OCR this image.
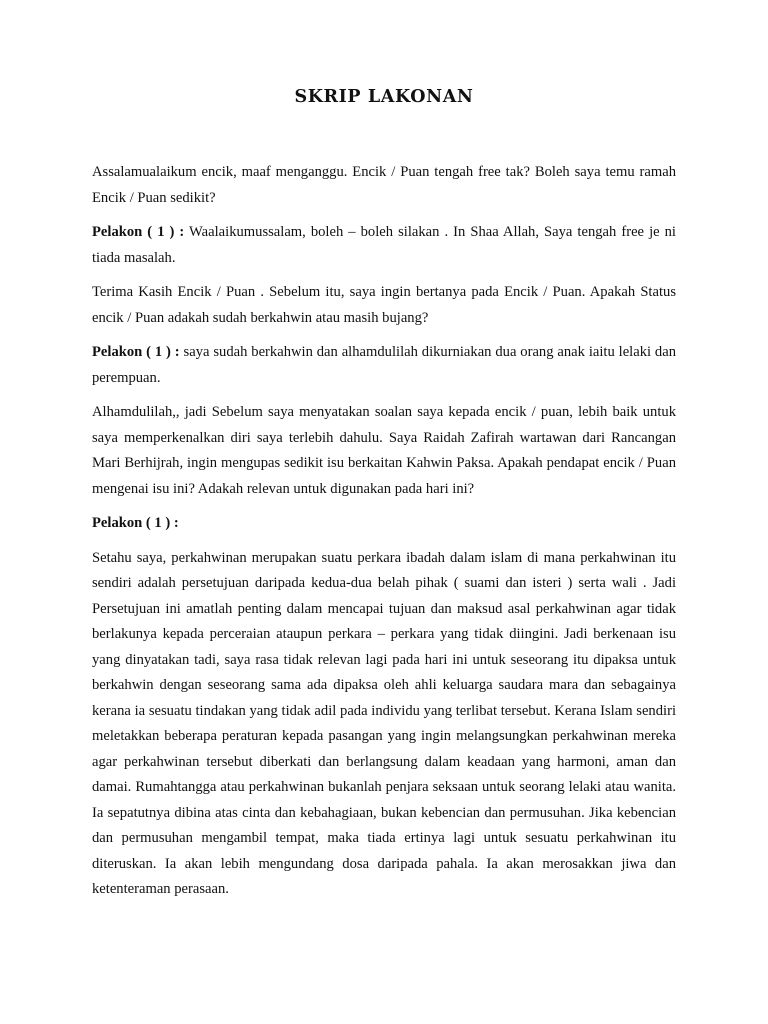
SKRIP LAKONAN

Assalamualaikum encik, maaf menganggu. Encik / Puan tengah free tak? Boleh saya temu ramah Encik / Puan sedikit?

Pelakon ( 1 ) : Waalaikumussalam, boleh – boleh silakan . In Shaa Allah, Saya tengah free je ni tiada masalah.

Terima Kasih Encik / Puan . Sebelum itu, saya ingin bertanya pada Encik / Puan. Apakah Status encik / Puan adakah sudah berkahwin atau masih bujang?

Pelakon ( 1 ) : saya sudah berkahwin dan alhamdulilah dikurniakan dua orang anak iaitu lelaki dan perempuan.

Alhamdulilah,, jadi Sebelum saya menyatakan soalan saya kepada encik / puan, lebih baik untuk saya memperkenalkan diri saya terlebih dahulu. Saya Raidah Zafirah wartawan dari Rancangan Mari Berhijrah, ingin mengupas sedikit isu berkaitan Kahwin Paksa. Apakah pendapat encik / Puan mengenai isu ini? Adakah relevan untuk digunakan pada hari ini?

Pelakon ( 1 ) :

Setahu saya, perkahwinan merupakan suatu perkara ibadah dalam islam di mana perkahwinan itu sendiri adalah persetujuan daripada kedua-dua belah pihak ( suami dan isteri ) serta wali . Jadi Persetujuan ini amatlah penting dalam mencapai tujuan dan maksud asal perkahwinan agar tidak berlakunya kepada perceraian ataupun perkara – perkara yang tidak diingini. Jadi berkenaan isu yang dinyatakan tadi, saya rasa tidak relevan lagi pada hari ini untuk seseorang itu dipaksa untuk berkahwin dengan seseorang sama ada dipaksa oleh ahli keluarga saudara mara dan sebagainya kerana ia sesuatu tindakan yang tidak adil pada individu yang terlibat tersebut. Kerana Islam sendiri meletakkan beberapa peraturan kepada pasangan yang ingin melangsungkan perkahwinan mereka agar perkahwinan tersebut diberkati dan berlangsung dalam keadaan yang harmoni, aman dan damai. Rumahtangga atau perkahwinan bukanlah penjara seksaan untuk seorang lelaki atau wanita. Ia sepatutnya dibina atas cinta dan kebahagiaan, bukan kebencian dan permusuhan. Jika kebencian dan permusuhan mengambil tempat, maka tiada ertinya lagi untuk sesuatu perkahwinan itu diteruskan. Ia akan lebih mengundang dosa daripada pahala. Ia akan merosakkan jiwa dan ketenteraman perasaan.
